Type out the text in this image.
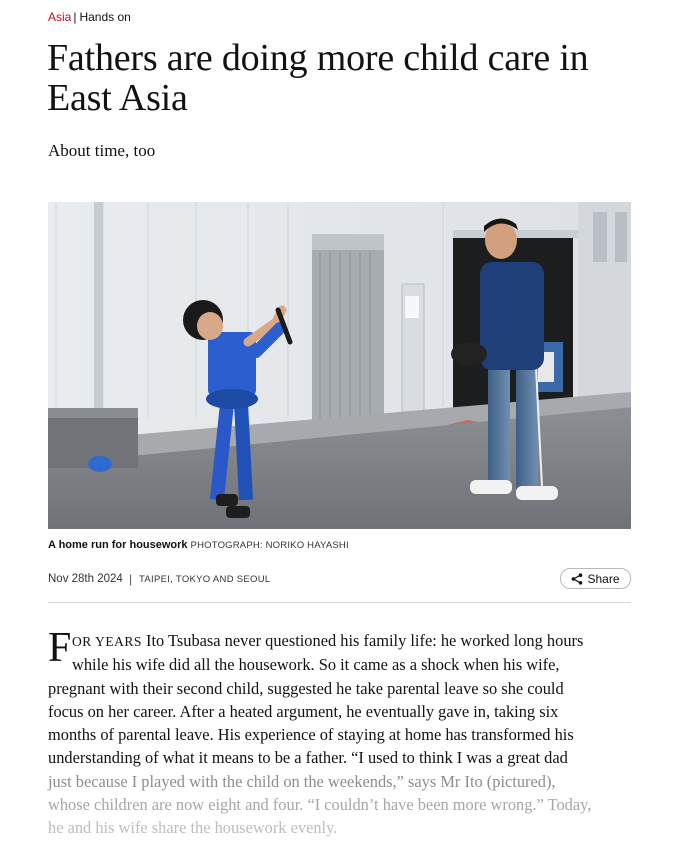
Asia | Hands on
Fathers are doing more child care in East Asia
About time, too
A home run for housework PHOTOGRAPH: NORIKO HAYASHI
Nov 28th 2024 | TAIPEI, TOKYO AND SEOUL	Share
F OR YEARS Ito Tsubasa never questioned his family life: he worked long hours
while his wife did all the housework. So it came as a shock when his wife,
pregnant with their second child, suggested he take parental leave so she could
focus on her career. After a heated argument, he eventually gave in, taking six
months of parental leave. His experience of staying at home has transformed his
understanding of what it means to be a father. “I used to think I was a great dad
just because I played with the child on the weekends,” says Mr Ito (pictured),
whose children are now eight and four. “I couldn’t have been more wrong.” Today,
he and his wife share the housework evenly.
